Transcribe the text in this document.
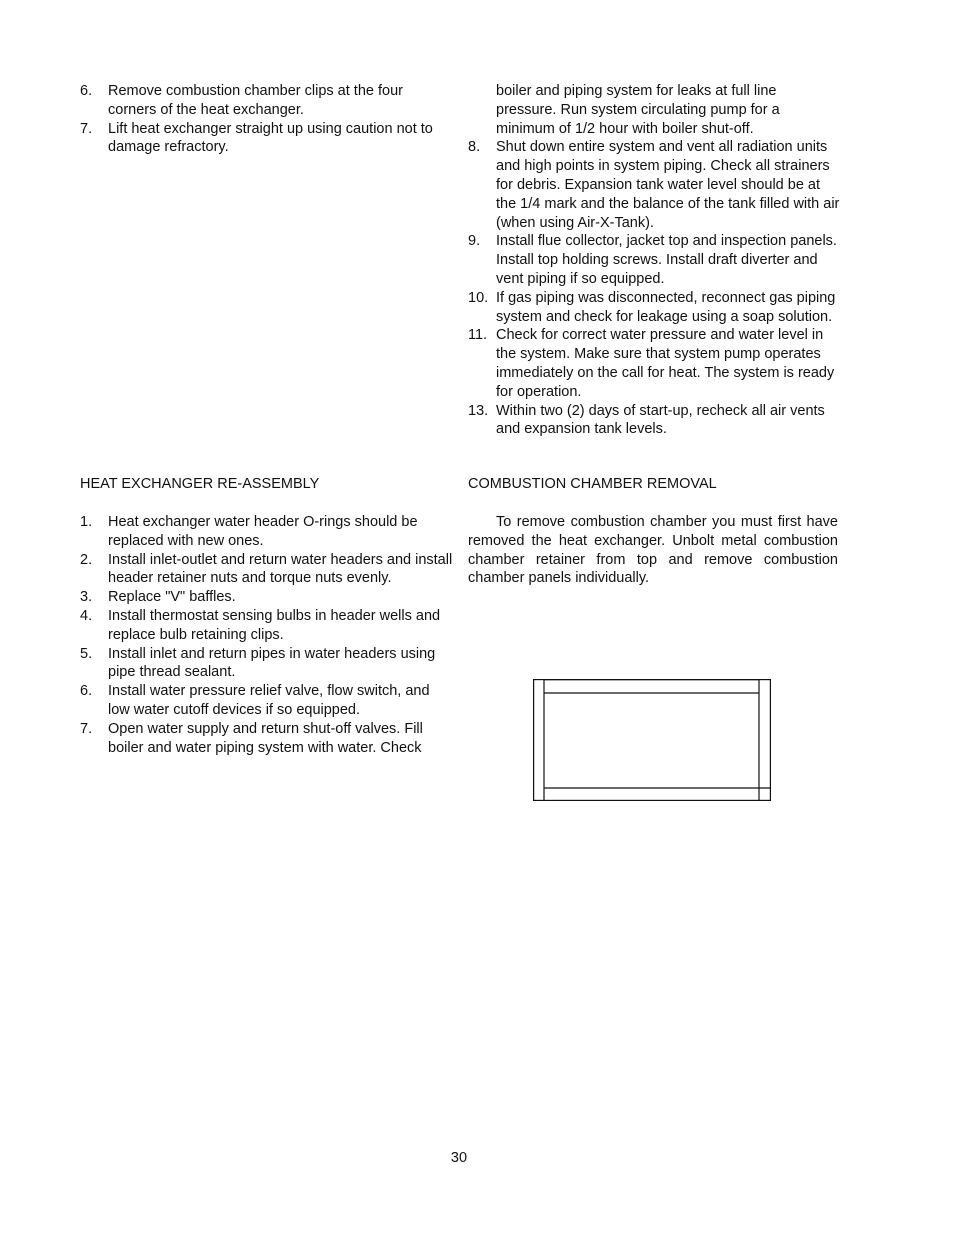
6.	Remove combustion chamber clips at the four corners of the heat exchanger.
7.	Lift heat exchanger straight up using caution not to damage refractory.
boiler and piping system for leaks at full line pressure. Run system circulating pump for a minimum of 1/2 hour with boiler shut-off.
8.	Shut down entire system and vent all radiation units and high points in system piping. Check all strainers for debris. Expansion tank water level should be at the 1/4 mark and the balance of the tank filled with air (when using Air-X-Tank).
9.	Install flue collector, jacket top and inspection panels. Install top holding screws. Install draft diverter and vent piping if so equipped.
10. If gas piping was disconnected, reconnect gas piping system and check for leakage using a soap solution.
11. Check for correct water pressure and water level in the system. Make sure that system pump operates immediately on the call for heat. The system is ready for operation.
13. Within two (2) days of start-up, recheck all air vents and expansion tank levels.
HEAT EXCHANGER RE-ASSEMBLY	COMBUSTION CHAMBER REMOVAL
1.	Heat exchanger water header O-rings should be replaced with new ones.
2.	Install inlet-outlet and return water headers and install header retainer nuts and torque nuts evenly.
3.	Replace "V" baffles.
4.	Install thermostat sensing bulbs in header wells and replace bulb retaining clips.
5.	Install inlet and return pipes in water headers using pipe thread sealant.
6.	Install water pressure relief valve, flow switch, and low water cutoff devices if so equipped.
7.	Open water supply and return shut-off valves. Fill boiler and water piping system with water. Check
To remove combustion chamber you must first have removed the heat exchanger. Unbolt metal combustion chamber retainer from top and remove combustion chamber panels individually.
30
